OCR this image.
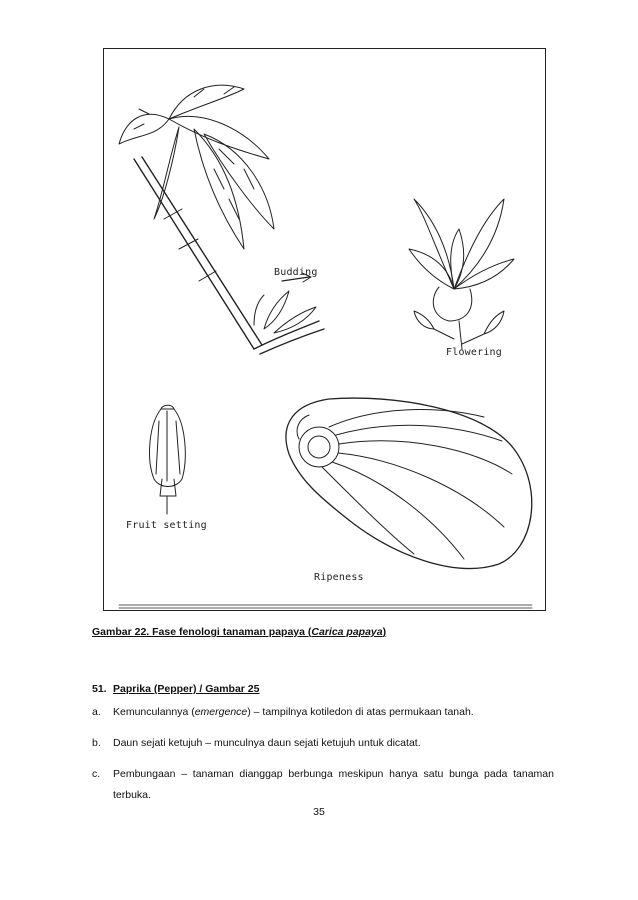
Budding
Flowering
Fruit setting
Ripeness
Gambar 22. Fase fenologi tanaman papaya (Carica papaya)
51. Paprika (Pepper) / Gambar 25
a. Kemunculannya (emergence) – tampilnya kotiledon di atas permukaan tanah.
b. Daun sejati ketujuh – munculnya daun sejati ketujuh untuk dicatat.
c. Pembungaan – tanaman dianggap berbunga meskipun hanya satu bunga pada tanaman terbuka.
35
